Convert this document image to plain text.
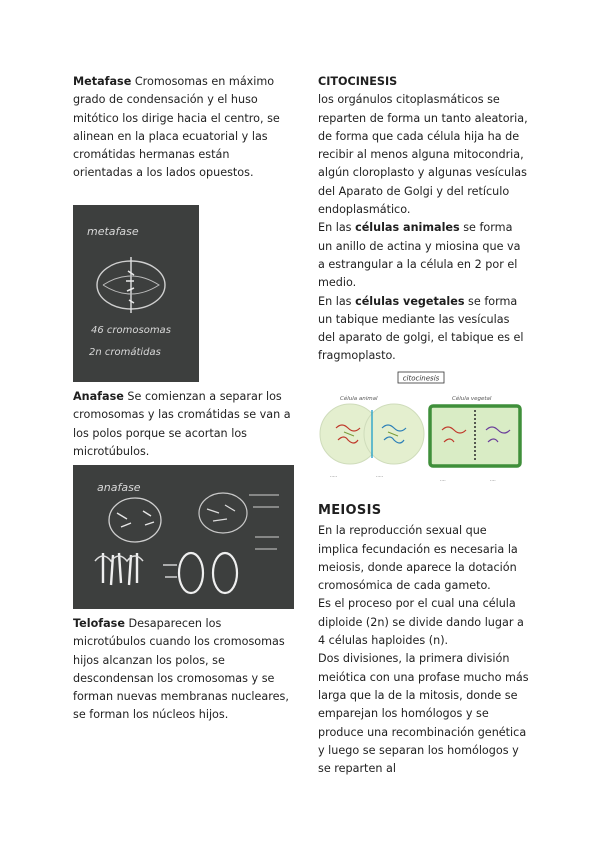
Metafase Cromosomas en máximo grado de condensación y el huso mitótico los dirige hacia el centro, se alinean en la placa ecuatorial y las cromátidas hermanas están orientadas a los lados opuestos.

metafase
46 cromosomas
2n cromátidas

Anafase Se comienzan a separar los cromosomas y las cromátidas se van a los polos porque se acortan los microtúbulos.

anafase

Telofase Desaparecen los microtúbulos cuando los cromosomas hijos alcanzan los polos, se descondensan los cromosomas y se forman nuevas membranas nucleares, se forman los núcleos hijos.

CITOCINESIS

los orgánulos citoplasmáticos se reparten de forma un tanto aleatoria, de forma que cada célula hija ha de recibir al menos alguna mitocondria, algún cloroplasto y algunas vesículas del Aparato de Golgi y del retículo endoplasmático.

En las células animales se forma un anillo de actina y miosina que va a estrangular a la célula en 2 por el medio.

En las células vegetales se forma un tabique mediante las vesículas del aparato de golgi, el tabique es el fragmoplasto.

citocinesis
Célula animal
·····	·····
Célula vegetal
····	····

MEIOSIS

En la reproducción sexual que implica fecundación es necesaria la meiosis, donde aparece la dotación cromosómica de cada gameto.

Es el proceso por el cual una célula diploide (2n) se divide dando lugar a 4 células haploides (n).

Dos divisiones, la primera división meiótica con una profase mucho más larga que la de la mitosis, donde se emparejan los homólogos y se produce una recombinación genética y luego se separan los homólogos y se reparten al
